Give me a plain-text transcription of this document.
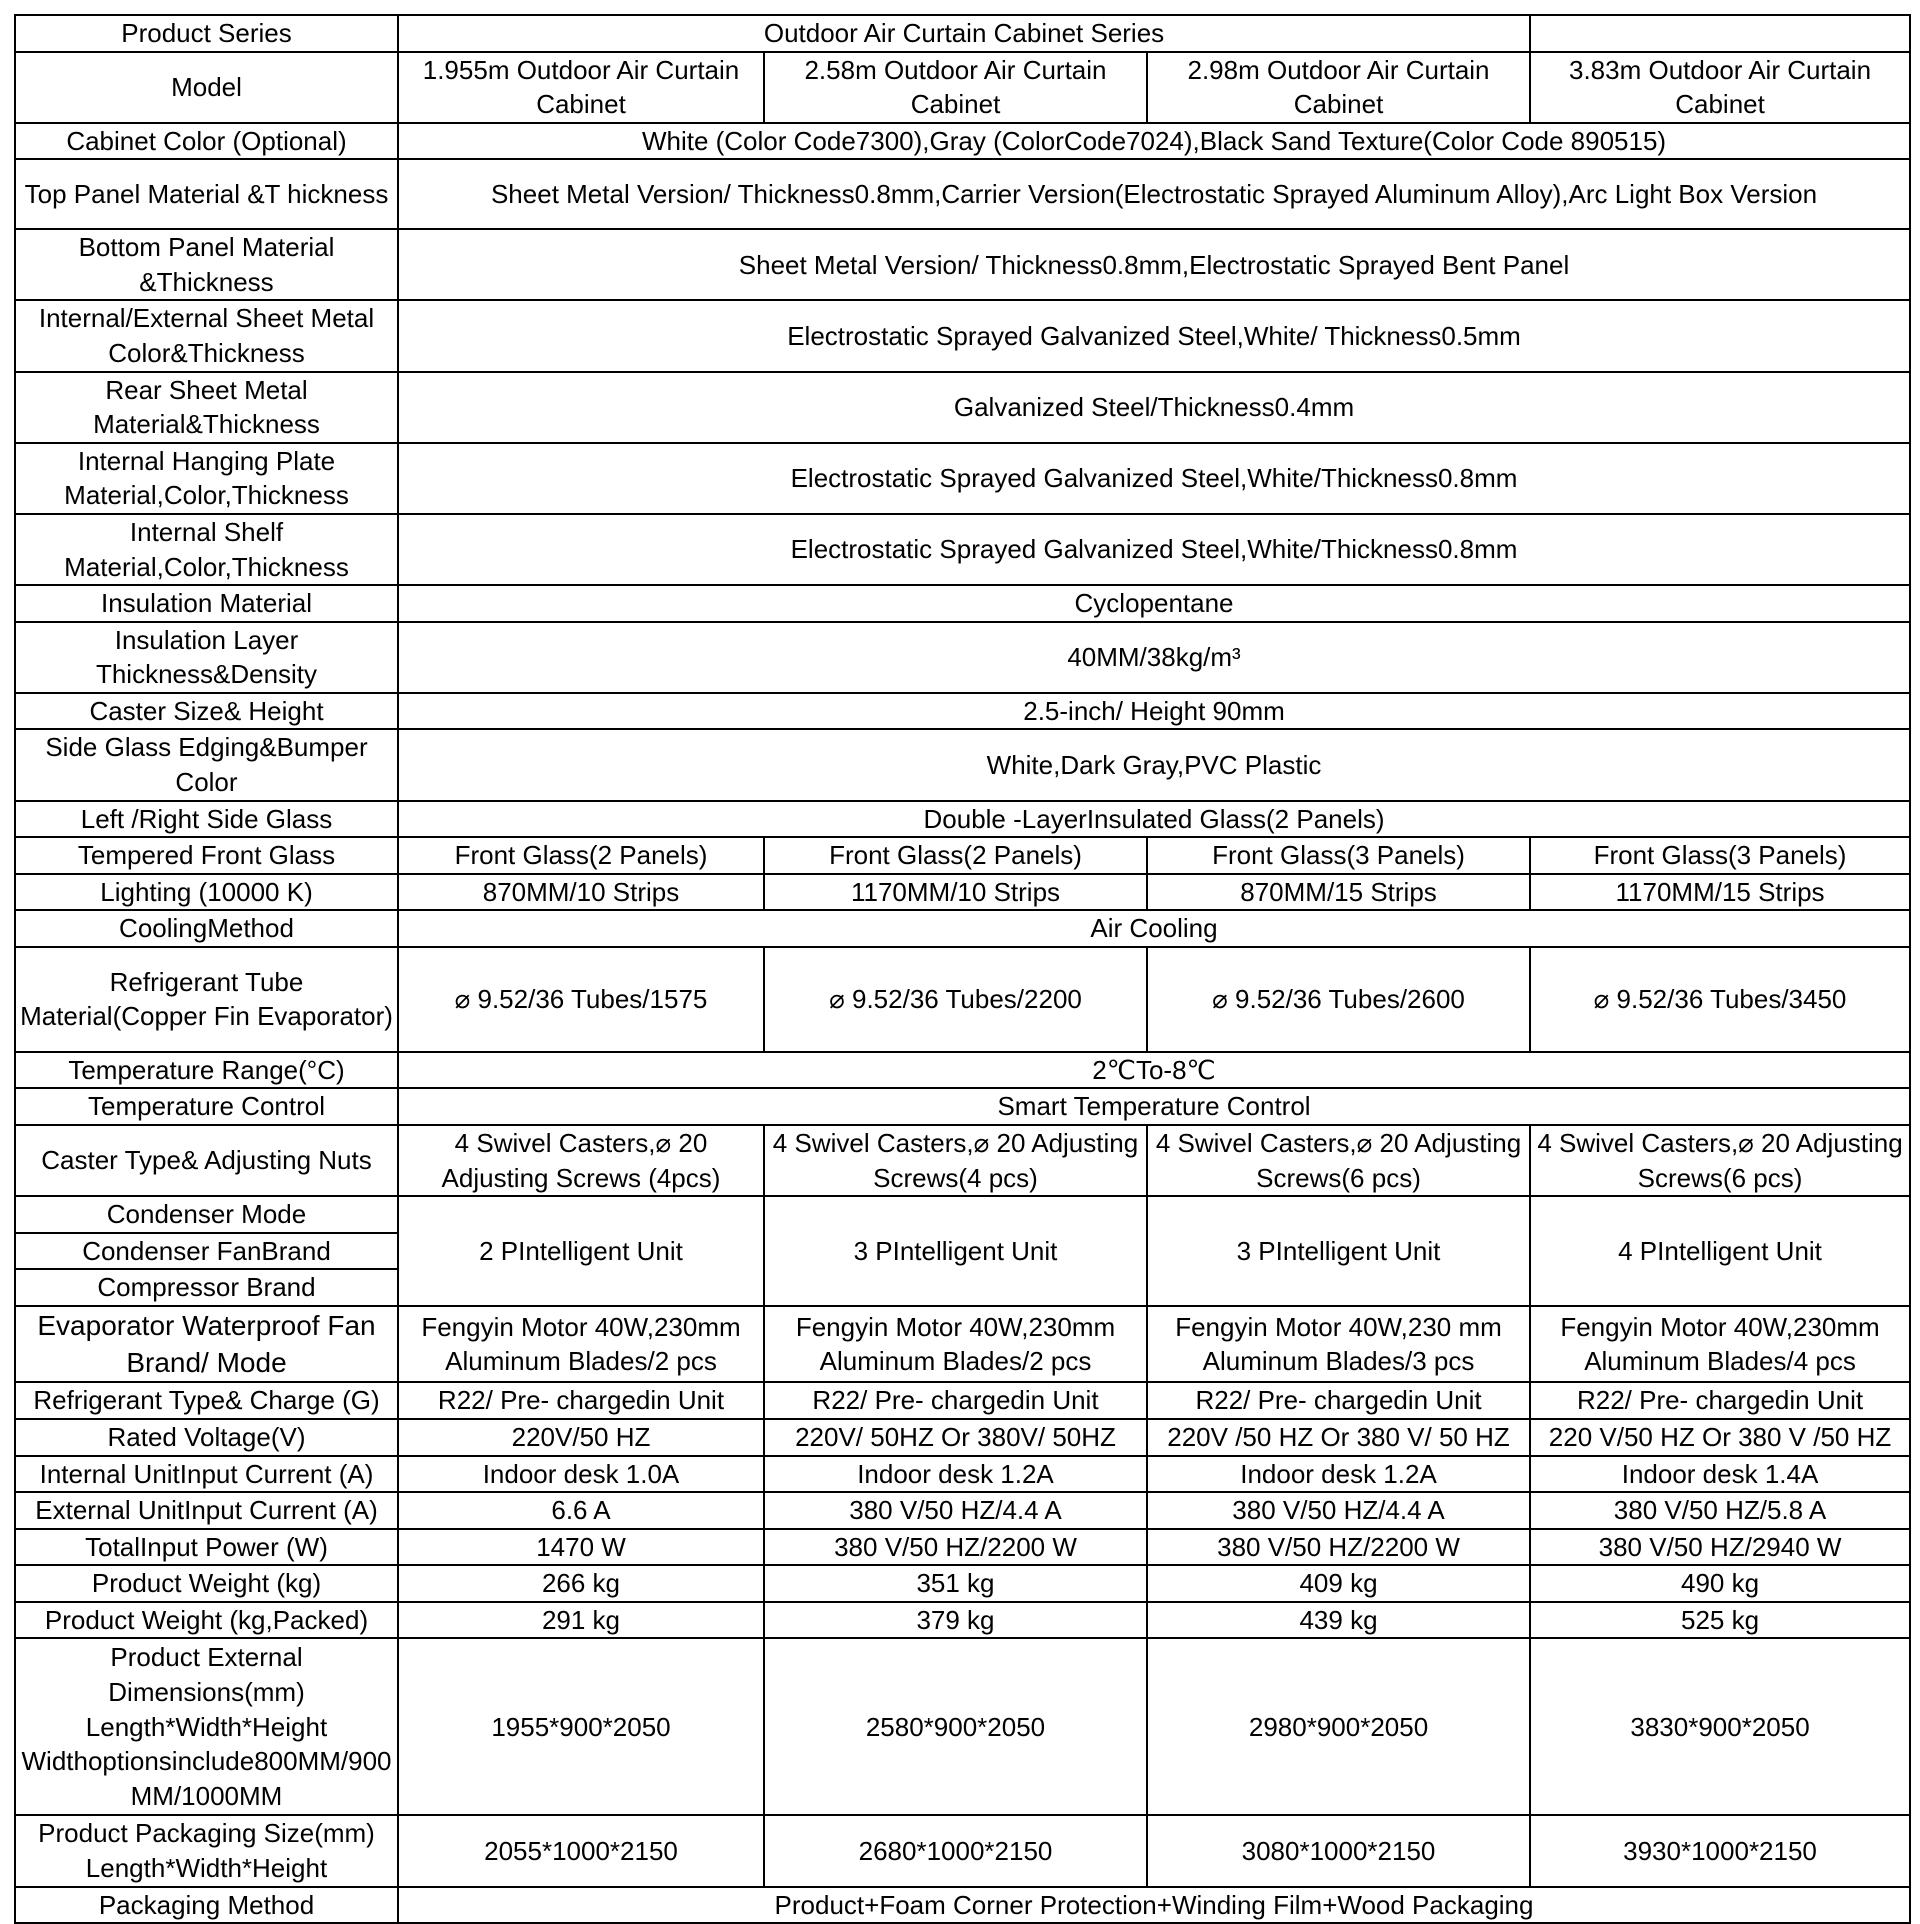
Product Series	Outdoor Air Curtain Cabinet Series			
Model	1.955m Outdoor Air Curtain Cabinet	2.58m Outdoor Air Curtain Cabinet	2.98m Outdoor Air Curtain Cabinet	3.83m Outdoor Air Curtain Cabinet
Cabinet Color (Optional)	White (Color Code7300),Gray (ColorCode7024),Black Sand Texture(Color Code 890515)			
Top Panel Material &T hickness	Sheet Metal Version/ Thickness0.8mm,Carrier Version(Electrostatic Sprayed Aluminum Alloy),Arc Light Box Version			
Bottom Panel Material &Thickness	Sheet Metal Version/ Thickness0.8mm,Electrostatic Sprayed Bent Panel			
Internal/External Sheet Metal Color&Thickness	Electrostatic Sprayed Galvanized Steel,White/ Thickness0.5mm			
Rear Sheet Metal Material&Thickness	Galvanized Steel/Thickness0.4mm			
Internal Hanging Plate Material,Color,Thickness	Electrostatic Sprayed Galvanized Steel,White/Thickness0.8mm			
Internal Shelf Material,Color,Thickness	Electrostatic Sprayed Galvanized Steel,White/Thickness0.8mm			
Insulation Material	Cyclopentane			
Insulation Layer Thickness&Density	40MM/38kg/m³			
Caster Size& Height	2.5-inch/ Height 90mm			
Side Glass Edging&Bumper Color	White,Dark Gray,PVC Plastic			
Left /Right Side Glass	Double -LayerInsulated Glass(2 Panels)			
Tempered Front Glass	Front Glass(2 Panels)	Front Glass(2 Panels)	Front Glass(3 Panels)	Front Glass(3 Panels)
Lighting (10000 K)	870MM/10 Strips	1170MM/10 Strips	870MM/15 Strips	1170MM/15 Strips
CoolingMethod	Air Cooling			
Refrigerant Tube Material(Copper Fin Evaporator)	⌀ 9.52/36 Tubes/1575	⌀ 9.52/36 Tubes/2200	⌀ 9.52/36 Tubes/2600	⌀ 9.52/36 Tubes/3450
Temperature Range(°C)	2℃To-8℃			
Temperature Control	Smart Temperature Control			
Caster Type& Adjusting Nuts	4 Swivel Casters,⌀ 20 Adjusting Screws (4pcs)	4 Swivel Casters,⌀ 20 Adjusting Screws(4 pcs)	4 Swivel Casters,⌀ 20 Adjusting Screws(6 pcs)	4 Swivel Casters,⌀ 20 Adjusting Screws(6 pcs)
Condenser Mode	2 PIntelligent Unit	3 PIntelligent Unit	3 PIntelligent Unit	4 PIntelligent Unit
Condenser FanBrand				
Compressor Brand				
Evaporator Waterproof Fan Brand/ Mode	Fengyin Motor 40W,230mm Aluminum Blades/2 pcs	Fengyin Motor 40W,230mm Aluminum Blades/2 pcs	Fengyin Motor 40W,230 mm Aluminum Blades/3 pcs	Fengyin Motor 40W,230mm Aluminum Blades/4 pcs
Refrigerant Type& Charge (G)	R22/ Pre- chargedin Unit	R22/ Pre- chargedin Unit	R22/ Pre- chargedin Unit	R22/ Pre- chargedin Unit
Rated Voltage(V)	220V/50 HZ	220V/ 50HZ Or 380V/ 50HZ	220V /50 HZ Or 380 V/ 50 HZ	220 V/50 HZ Or 380 V /50 HZ
Internal UnitInput Current (A)	Indoor desk 1.0A	Indoor desk 1.2A	Indoor desk 1.2A	Indoor desk 1.4A
External UnitInput Current (A)	6.6 A	380 V/50 HZ/4.4 A	380 V/50 HZ/4.4 A	380 V/50 HZ/5.8 A
TotalInput Power (W)	1470 W	380 V/50 HZ/2200 W	380 V/50 HZ/2200 W	380 V/50 HZ/2940 W
Product Weight (kg)	266 kg	351 kg	409 kg	490 kg
Product Weight (kg,Packed)	291 kg	379 kg	439 kg	525 kg
Product External Dimensions(mm) Length*Width*Height Widthoptionsinclude800MM/900MM/1000MM	1955*900*2050	2580*900*2050	2980*900*2050	3830*900*2050
Product Packaging Size(mm) Length*Width*Height	2055*1000*2150	2680*1000*2150	3080*1000*2150	3930*1000*2150
Packaging Method	Product+Foam Corner Protection+Winding Film+Wood Packaging			
